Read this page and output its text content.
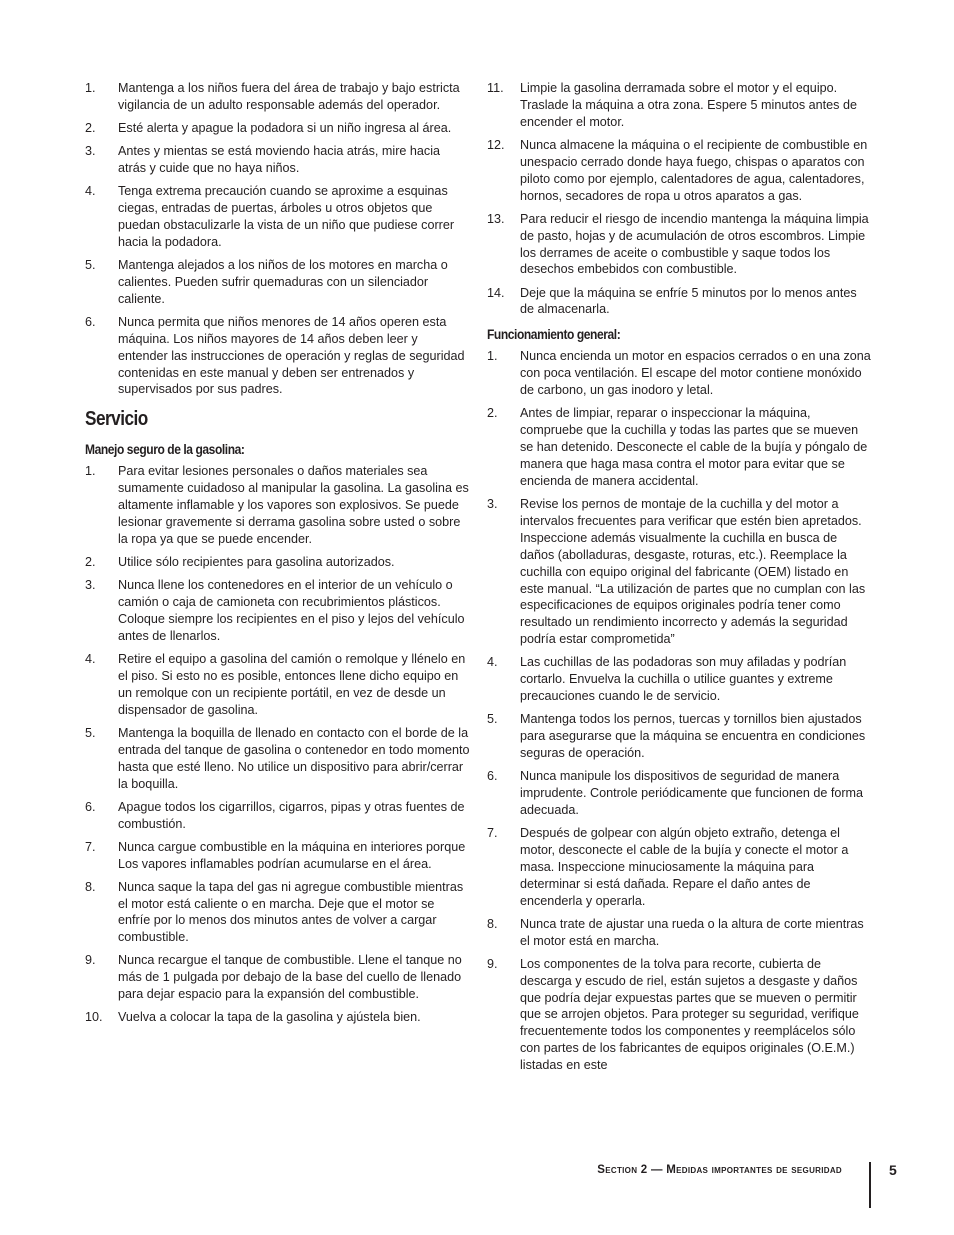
1. Mantenga a los niños fuera del área de trabajo y bajo estricta vigilancia de un adulto responsable además del operador.
2. Esté alerta y apague la podadora si un niño ingresa al área.
3. Antes y mientas se está moviendo hacia atrás, mire hacia atrás y cuide que no haya niños.
4. Tenga extrema precaución cuando se aproxime a esquinas ciegas, entradas de puertas, árboles u otros objetos que puedan obstaculizarle la vista de un niño que pudiese correr hacia la podadora.
5. Mantenga alejados a los niños de los motores en marcha o calientes. Pueden sufrir quemaduras con un silenciador caliente.
6. Nunca permita que niños menores de 14 años operen esta máquina. Los niños mayores de 14 años deben leer y entender las instrucciones de operación y reglas de seguridad contenidas en este manual y deben ser entrenados y supervisados por sus padres.
Servicio
Manejo seguro de la gasolina:
1. Para evitar lesiones personales o daños materiales sea sumamente cuidadoso al manipular la gasolina. La gasolina es altamente inflamable y los vapores son explosivos. Se puede lesionar gravemente si derrama gasolina sobre usted o sobre la ropa ya que se puede encender.
2. Utilice sólo recipientes para gasolina autorizados.
3. Nunca llene los contenedores en el interior de un vehículo o camión o caja de camioneta con recubrimientos plásticos. Coloque siempre los recipientes en el piso y lejos del vehículo antes de llenarlos.
4. Retire el equipo a gasolina del camión o remolque y llénelo en el piso. Si esto no es posible, entonces llene dicho equipo en un remolque con un recipiente portátil, en vez de desde un dispensador de gasolina.
5. Mantenga la boquilla de llenado en contacto con el borde de la entrada del tanque de gasolina o contenedor en todo momento hasta que esté lleno. No utilice un dispositivo para abrir/cerrar la boquilla.
6. Apague todos los cigarrillos, cigarros, pipas y otras fuentes de combustión.
7. Nunca cargue combustible en la máquina en interiores porque Los vapores inflamables podrían acumularse en el área.
8. Nunca saque la tapa del gas ni agregue combustible mientras el motor está caliente o en marcha. Deje que el motor se enfríe por lo menos dos minutos antes de volver a cargar combustible.
9. Nunca recargue el tanque de combustible. Llene el tanque no más de 1 pulgada por debajo de la base del cuello de llenado para dejar espacio para la expansión del combustible.
10. Vuelva a colocar la tapa de la gasolina y ajústela bien.
11. Limpie la gasolina derramada sobre el motor y el equipo. Traslade la máquina a otra zona. Espere 5 minutos antes de encender el motor.
12. Nunca almacene la máquina o el recipiente de combustible en unespacio cerrado donde haya fuego, chispas o aparatos con piloto como por ejemplo, calentadores de agua, calentadores, hornos, secadores de ropa u otros aparatos a gas.
13. Para reducir el riesgo de incendio mantenga la máquina limpia de pasto, hojas y de acumulación de otros escombros. Limpie los derrames de aceite o combustible y saque todos los desechos embebidos con combustible.
14. Deje que la máquina se enfríe 5 minutos por lo menos antes de almacenarla.
Funcionamiento general:
1. Nunca encienda un motor en espacios cerrados o en una zona con poca ventilación. El escape del motor contiene monóxido de carbono, un gas inodoro y letal.
2. Antes de limpiar, reparar o inspeccionar la máquina, compruebe que la cuchilla y todas las partes que se mueven se han detenido. Desconecte el cable de la bujía y póngalo de manera que haga masa contra el motor para evitar que se encienda de manera accidental.
3. Revise los pernos de montaje de la cuchilla y del motor a intervalos frecuentes para verificar que estén bien apretados. Inspeccione además visualmente la cuchilla en busca de daños (abolladuras, desgaste, roturas, etc.). Reemplace la cuchilla con equipo original del fabricante (OEM) listado en este manual. “La utilización de partes que no cumplan con las especificaciones de equipos originales podría tener como resultado un rendimiento incorrecto y además la seguridad podría estar comprometida”
4. Las cuchillas de las podadoras son muy afiladas y podrían cortarlo. Envuelva la cuchilla o utilice guantes y extreme precauciones cuando le de servicio.
5. Mantenga todos los pernos, tuercas y tornillos bien ajustados para asegurarse que la máquina se encuentra en condiciones seguras de operación.
6. Nunca manipule los dispositivos de seguridad de manera imprudente. Controle periódicamente que funcionen de forma adecuada.
7. Después de golpear con algún objeto extraño, detenga el motor, desconecte el cable de la bujía y conecte el motor a masa. Inspeccione minuciosamente la máquina para determinar si está dañada. Repare el daño antes de encenderla y operarla.
8. Nunca trate de ajustar una rueda o la altura de corte mientras el motor está en marcha.
9. Los componentes de la tolva para recorte, cubierta de descarga y escudo de riel, están sujetos a desgaste y daños que podría dejar expuestas partes que se mueven o permitir que se arrojen objetos. Para proteger su seguridad, verifique frecuentemente todos los componentes y reemplácelos sólo con partes de los fabricantes de equipos originales (O.E.M.) listadas en este
Section 2 — Medidas importantes de seguridad	5
